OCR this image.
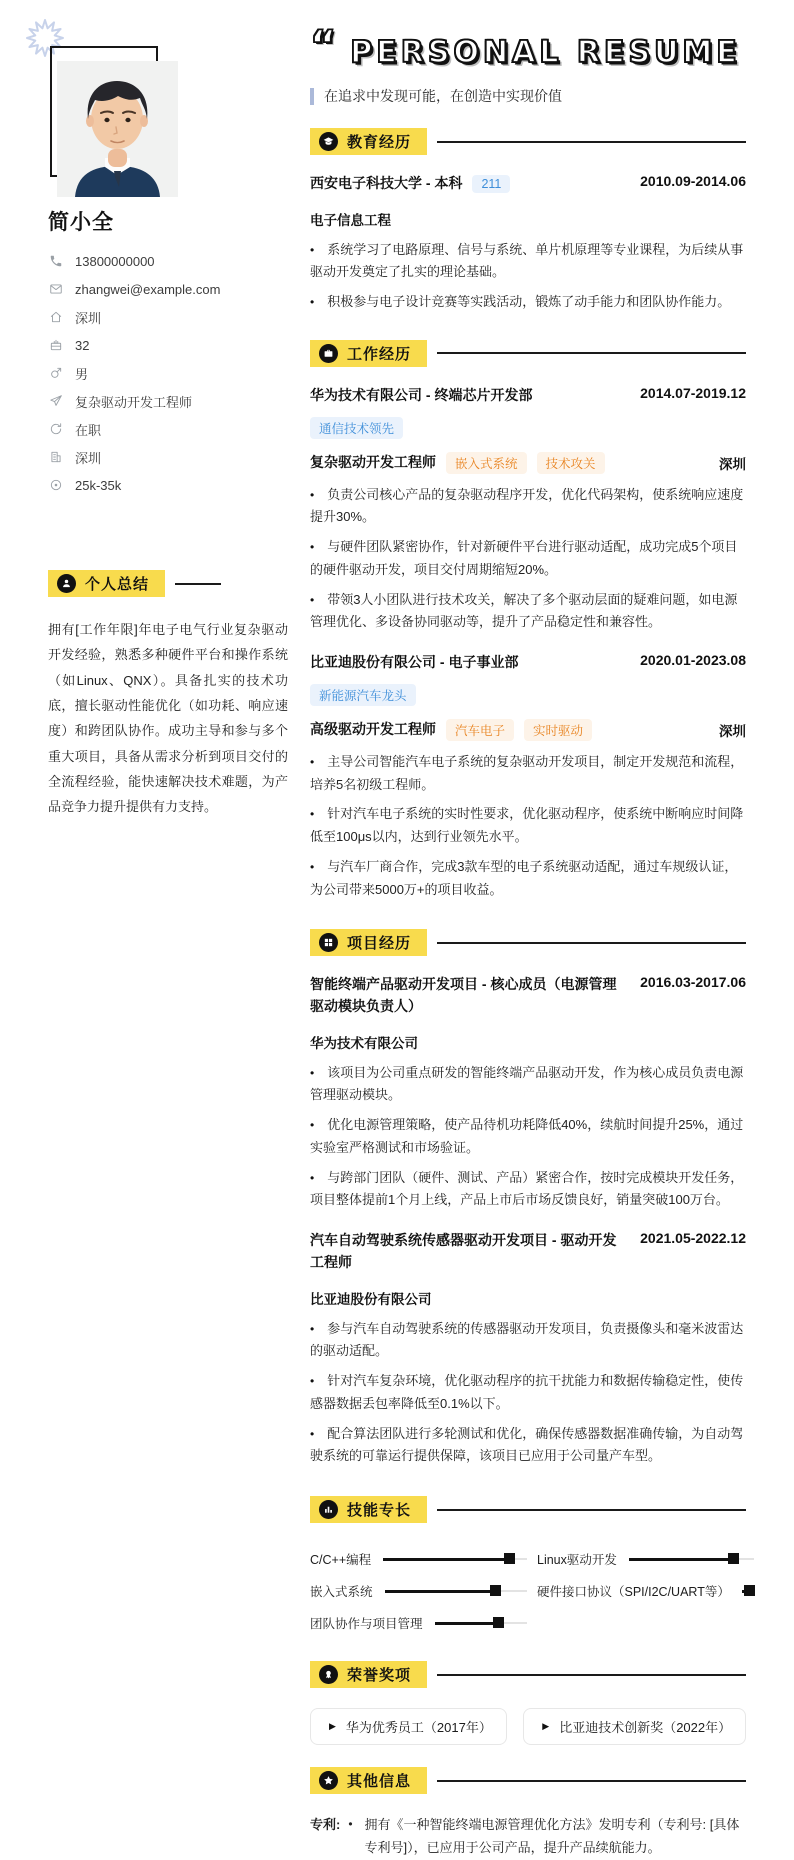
简小全
13800000000
zhangwei@example.com
深圳
32
男
复杂驱动开发工程师
在职
深圳
25k-35k
个人总结
拥有[工作年限]年电子电气行业复杂驱动开发经验，熟悉多种硬件平台和操作系统（如Linux、QNX）。具备扎实的技术功底，擅长驱动性能优化（如功耗、响应速度）和跨团队协作。成功主导和参与多个重大项目，具备从需求分析到项目交付的全流程经验，能快速解决技术难题，为产品竞争力提升提供有力支持。
“ PERSONAL RESUME
在追求中发现可能，在创造中实现价值
教育经历
西安电子科技大学 - 本科	211	2010.09-2014.06
电子信息工程
• 系统学习了电路原理、信号与系统、单片机原理等专业课程，为后续从事驱动开发奠定了扎实的理论基础。
• 积极参与电子设计竞赛等实践活动，锻炼了动手能力和团队协作能力。
工作经历
华为技术有限公司 - 终端芯片开发部
通信技术领先
2014.07-2019.12
复杂驱动开发工程师	嵌入式系统	技术攻关	深圳
• 负责公司核心产品的复杂驱动程序开发，优化代码架构，使系统响应速度提升30%。
• 与硬件团队紧密协作，针对新硬件平台进行驱动适配，成功完成5个项目的硬件驱动开发，项目交付周期缩短20%。
• 带领3人小团队进行技术攻关，解决了多个驱动层面的疑难问题，如电源管理优化、多设备协同驱动等，提升了产品稳定性和兼容性。
比亚迪股份有限公司 - 电子事业部
新能源汽车龙头
2020.01-2023.08
高级驱动开发工程师	汽车电子	实时驱动	深圳
• 主导公司智能汽车电子系统的复杂驱动开发项目，制定开发规范和流程，培养5名初级工程师。
• 针对汽车电子系统的实时性要求，优化驱动程序，使系统中断响应时间降低至100μs以内，达到行业领先水平。
• 与汽车厂商合作，完成3款车型的电子系统驱动适配，通过车规级认证，为公司带来5000万+的项目收益。
项目经历
智能终端产品驱动开发项目 - 核心成员（电源管理驱动模块负责人）
2016.03-2017.06
华为技术有限公司
• 该项目为公司重点研发的智能终端产品驱动开发，作为核心成员负责电源管理驱动模块。
• 优化电源管理策略，使产品待机功耗降低40%，续航时间提升25%，通过实验室严格测试和市场验证。
• 与跨部门团队（硬件、测试、产品）紧密合作，按时完成模块开发任务，项目整体提前1个月上线，产品上市后市场反馈良好，销量突破100万台。
汽车自动驾驶系统传感器驱动开发项目 - 驱动开发工程师
2021.05-2022.12
比亚迪股份有限公司
• 参与汽车自动驾驶系统的传感器驱动开发项目，负责摄像头和毫米波雷达的驱动适配。
• 针对汽车复杂环境，优化驱动程序的抗干扰能力和数据传输稳定性，使传感器数据丢包率降低至0.1%以下。
• 配合算法团队进行多轮测试和优化，确保传感器数据准确传输，为自动驾驶系统的可靠运行提供保障，该项目已应用于公司量产车型。
技能专长
C/C++编程	Linux驱动开发
嵌入式系统	硬件接口协议（SPI/I2C/UART等）
团队协作与项目管理
荣誉奖项
▶ 华为优秀员工（2017年）	▶ 比亚迪技术创新奖（2022年）
其他信息
专利: • 拥有《一种智能终端电源管理优化方法》发明专利（专利号: [具体专利号]），已应用于公司产品，提升产品续航能力。
